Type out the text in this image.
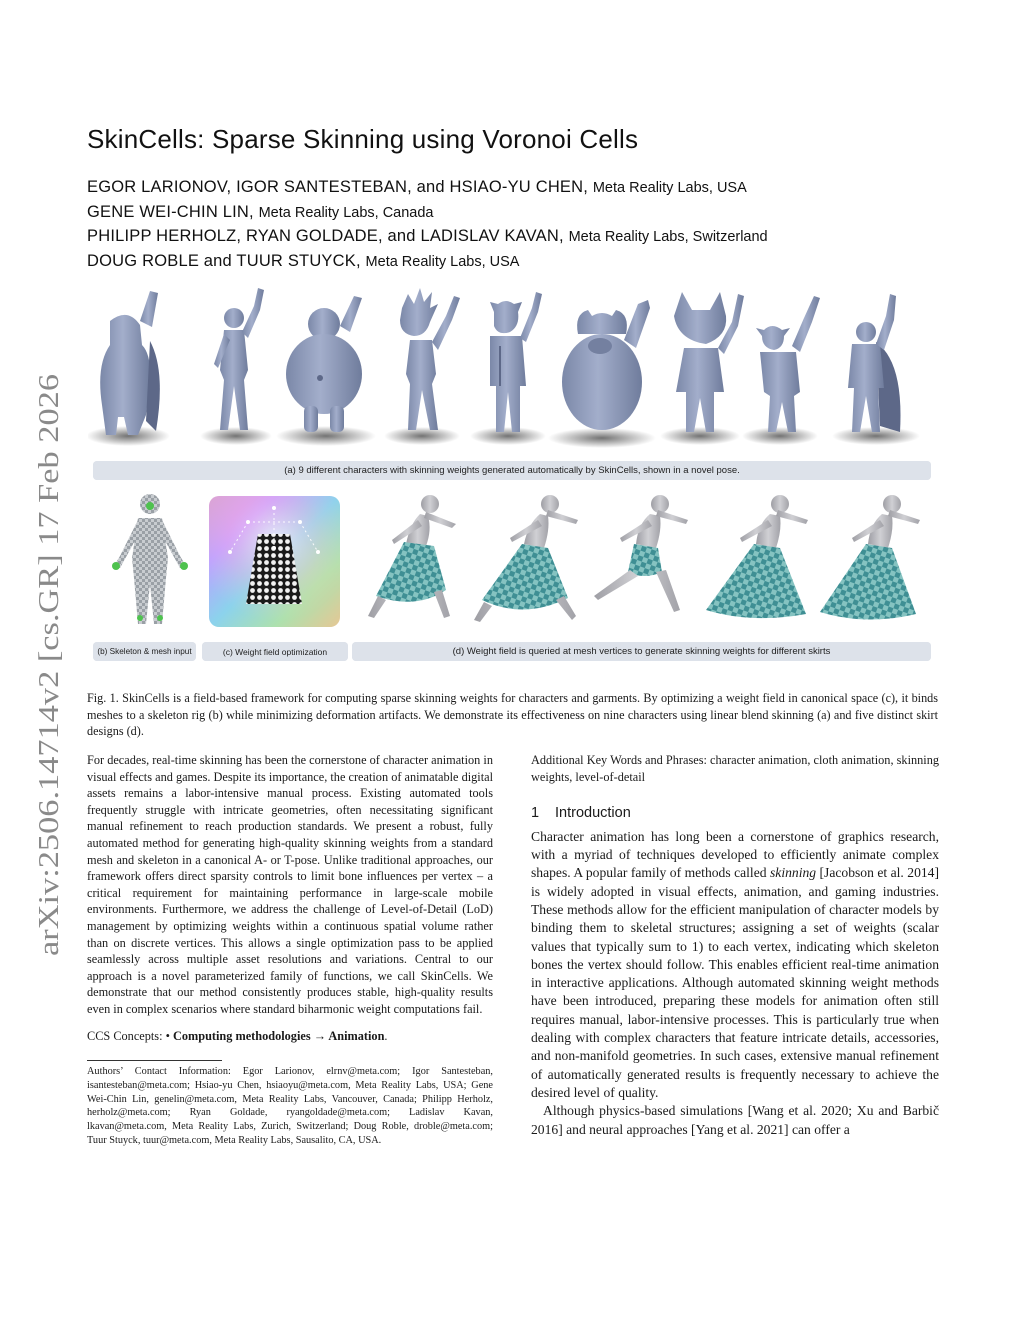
arXiv:2506.14714v2 [cs.GR] 17 Feb 2026
SkinCells: Sparse Skinning using Voronoi Cells
EGOR LARIONOV, IGOR SANTESTEBAN, and HSIAO-YU CHEN, Meta Reality Labs, USA
GENE WEI-CHIN LIN, Meta Reality Labs, Canada
PHILIPP HERHOLZ, RYAN GOLDADE, and LADISLAV KAVAN, Meta Reality Labs, Switzerland
DOUG ROBLE and TUUR STUYCK, Meta Reality Labs, USA
(a) 9 different characters with skinning weights generated automatically by SkinCells, shown in a novel pose.
(b) Skeleton & mesh input	(c) Weight field optimization	(d) Weight field is queried at mesh vertices to generate skinning weights for different skirts
Fig. 1. SkinCells is a field-based framework for computing sparse skinning weights for characters and garments. By optimizing a weight field in canonical space (c), it binds meshes to a skeleton rig (b) while minimizing deformation artifacts. We demonstrate its effectiveness on nine characters using linear blend skinning (a) and five distinct skirt designs (d).

For decades, real-time skinning has been the cornerstone of character animation in visual effects and games. Despite its importance, the creation of animatable digital assets remains a labor-intensive manual process. Existing automated tools frequently struggle with intricate geometries, often necessitating significant manual refinement to reach production standards. We present a robust, fully automated method for generating high-quality skinning weights from a standard mesh and skeleton in a canonical A- or T-pose. Unlike traditional approaches, our framework offers direct sparsity controls to limit bone influences per vertex – a critical requirement for maintaining performance in large-scale mobile environments. Furthermore, we address the challenge of Level-of-Detail (LoD) management by optimizing weights within a continuous spatial volume rather than on discrete vertices. This allows a single optimization pass to be applied seamlessly across multiple asset resolutions and variations. Central to our approach is a novel parameterized family of functions, we call SkinCells. We demonstrate that our method consistently produces stable, high-quality results even in complex scenarios where standard biharmonic weight computations fail.

CCS Concepts: • Computing methodologies → Animation.

Authors’ Contact Information: Egor Larionov, elrnv@meta.com; Igor Santesteban, isantesteban@meta.com; Hsiao-yu Chen, hsiaoyu@meta.com, Meta Reality Labs, USA; Gene Wei-Chin Lin, genelin@meta.com, Meta Reality Labs, Vancouver, Canada; Philipp Herholz, herholz@meta.com; Ryan Goldade, ryangoldade@meta.com; Ladislav Kavan, lkavan@meta.com, Meta Reality Labs, Zurich, Switzerland; Doug Roble, droble@meta.com; Tuur Stuyck, tuur@meta.com, Meta Reality Labs, Sausalito, CA, USA.

Additional Key Words and Phrases: character animation, cloth animation, skinning weights, level-of-detail

1 Introduction

Character animation has long been a cornerstone of graphics research, with a myriad of techniques developed to efficiently animate complex shapes. A popular family of methods called skinning [Jacobson et al. 2014] is widely adopted in visual effects, animation, and gaming industries. These methods allow for the efficient manipulation of character models by binding them to skeletal structures; assigning a set of weights (scalar values that typically sum to 1) to each vertex, indicating which skeleton bones the vertex should follow. This enables efficient real-time animation in interactive applications. Although automated skinning weight methods have been introduced, preparing these models for animation often still requires manual, labor-intensive processes. This is particularly true when dealing with complex characters that feature intricate details, accessories, and non-manifold geometries. In such cases, extensive manual refinement of automatically generated results is frequently necessary to achieve the desired level of quality.

Although physics-based simulations [Wang et al. 2020; Xu and Barbič 2016] and neural approaches [Yang et al. 2021] can offer a
